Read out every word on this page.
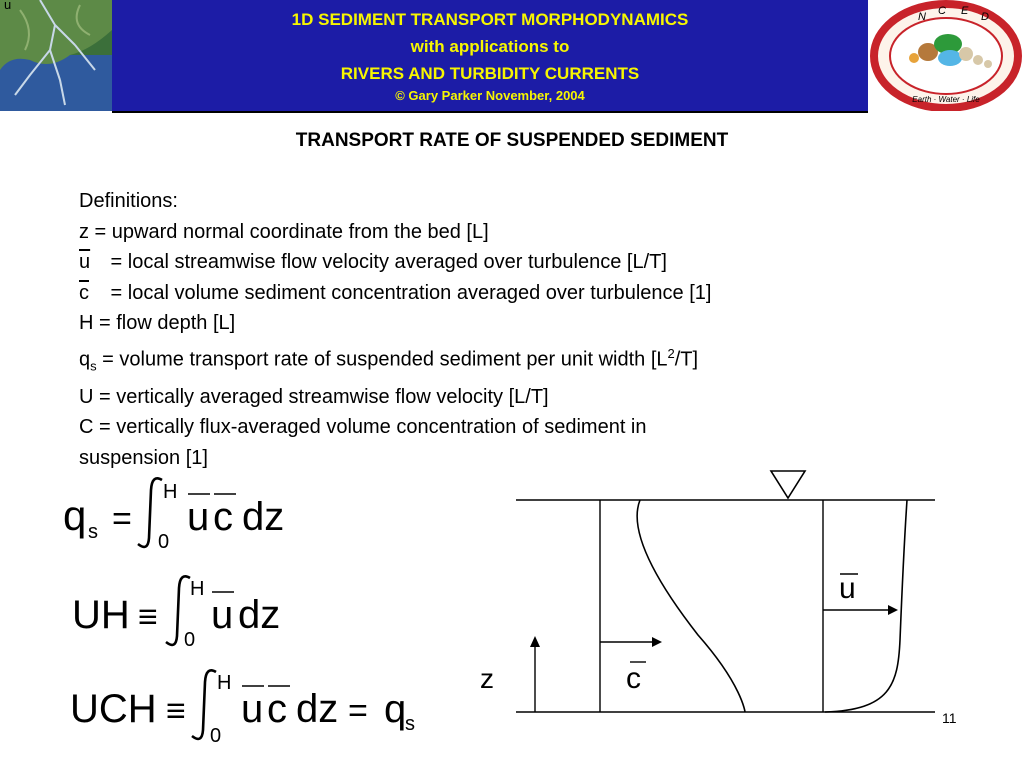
u
1D SEDIMENT TRANSPORT MORPHODYNAMICS
with applications to
RIVERS AND TURBIDITY CURRENTS
© Gary Parker November, 2004
N C E D
Earth · Water · Life
TRANSPORT RATE OF SUSPENDED SEDIMENT
Definitions:
z = upward normal coordinate from the bed [L]
$\overline{u}$ = local streamwise flow velocity averaged over turbulence [L/T]
$\overline{c}$ = local volume sediment concentration averaged over turbulence [1]
H = flow depth [L]
$q_s$ = volume transport rate of suspended sediment per unit width $[L^2/T]$
U = vertically averaged streamwise flow velocity [L/T]
C = vertically flux-averaged volume concentration of sediment in
suspension [1]
q s =
H
0
u c dz
UH ≡
H
0
u dz
UCH ≡
H
0
u c dz = q
s
c
u
z
11
